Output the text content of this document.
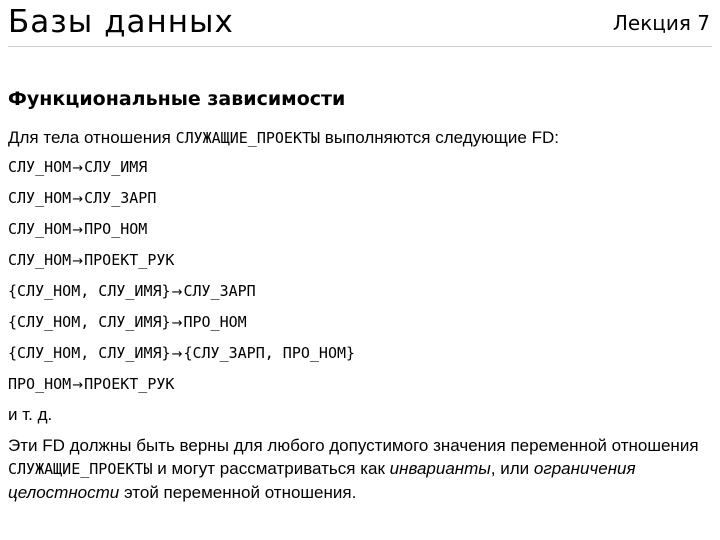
Базы данных	Лекция 7
Функциональные зависимости
Для тела отношения СЛУЖАЩИЕ_ПРОЕКТЫ выполняются следующие FD:
СЛУ_НОМ→СЛУ_ИМЯ
СЛУ_НОМ→СЛУ_ЗАРП
СЛУ_НОМ→ПРО_НОМ
СЛУ_НОМ→ПРОЕКТ_РУК
{СЛУ_НОМ, СЛУ_ИМЯ}→СЛУ_ЗАРП
{СЛУ_НОМ, СЛУ_ИМЯ}→ПРО_НОМ
{СЛУ_НОМ, СЛУ_ИМЯ}→{СЛУ_ЗАРП, ПРО_НОМ}
ПРО_НОМ→ПРОЕКТ_РУК
и т. д.
Эти FD должны быть верны для любого допустимого значения переменной отношения СЛУЖАЩИЕ_ПРОЕКТЫ и могут рассматриваться как инварианты, или ограничения целостности этой переменной отношения.
